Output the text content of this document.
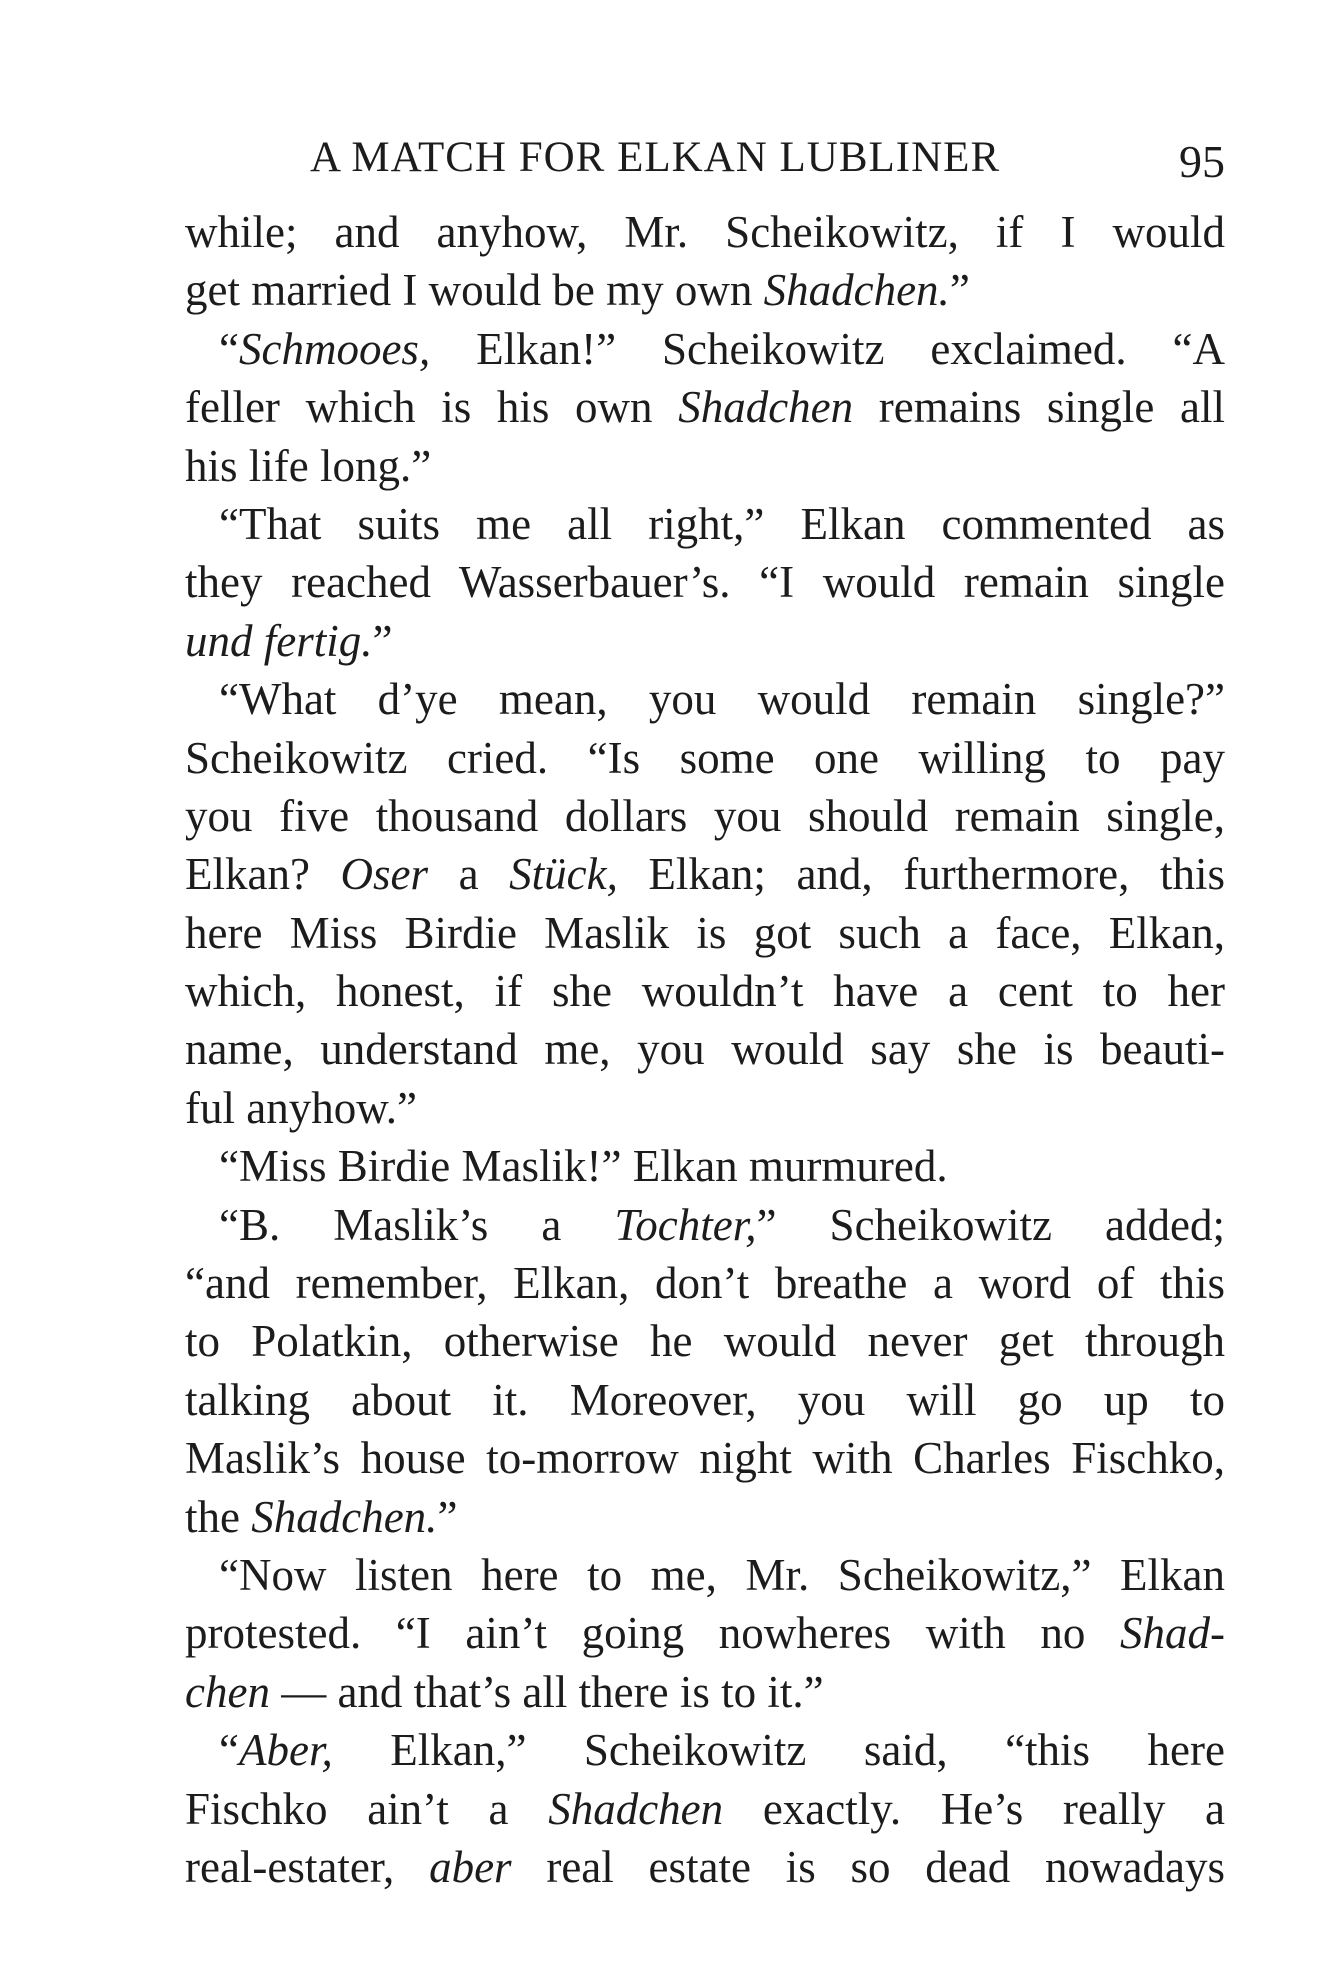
A MATCH FOR ELKAN LUBLINER	95
while; and anyhow, Mr. Scheikowitz, if I would
get married I would be my own Shadchen.”
“Schmooes, Elkan!” Scheikowitz exclaimed. “A
feller which is his own Shadchen remains single all
his life long.”
“That suits me all right,” Elkan commented as
they reached Wasserbauer’s. “I would remain single
und fertig.”
“What d’ye mean, you would remain single?”
Scheikowitz cried. “Is some one willing to pay
you five thousand dollars you should remain single,
Elkan? Oser a Stück, Elkan; and, furthermore, this
here Miss Birdie Maslik is got such a face, Elkan,
which, honest, if she wouldn’t have a cent to her
name, understand me, you would say she is beauti-
ful anyhow.”
“Miss Birdie Maslik!” Elkan murmured.
“B. Maslik’s a Tochter,” Scheikowitz added;
“and remember, Elkan, don’t breathe a word of this
to Polatkin, otherwise he would never get through
talking about it. Moreover, you will go up to
Maslik’s house to-morrow night with Charles Fischko,
the Shadchen.”
“Now listen here to me, Mr. Scheikowitz,” Elkan
protested. “I ain’t going nowheres with no Shad-
chen — and that’s all there is to it.”
“Aber, Elkan,” Scheikowitz said, “this here
Fischko ain’t a Shadchen exactly. He’s really a
real-estater, aber real estate is so dead nowadays
